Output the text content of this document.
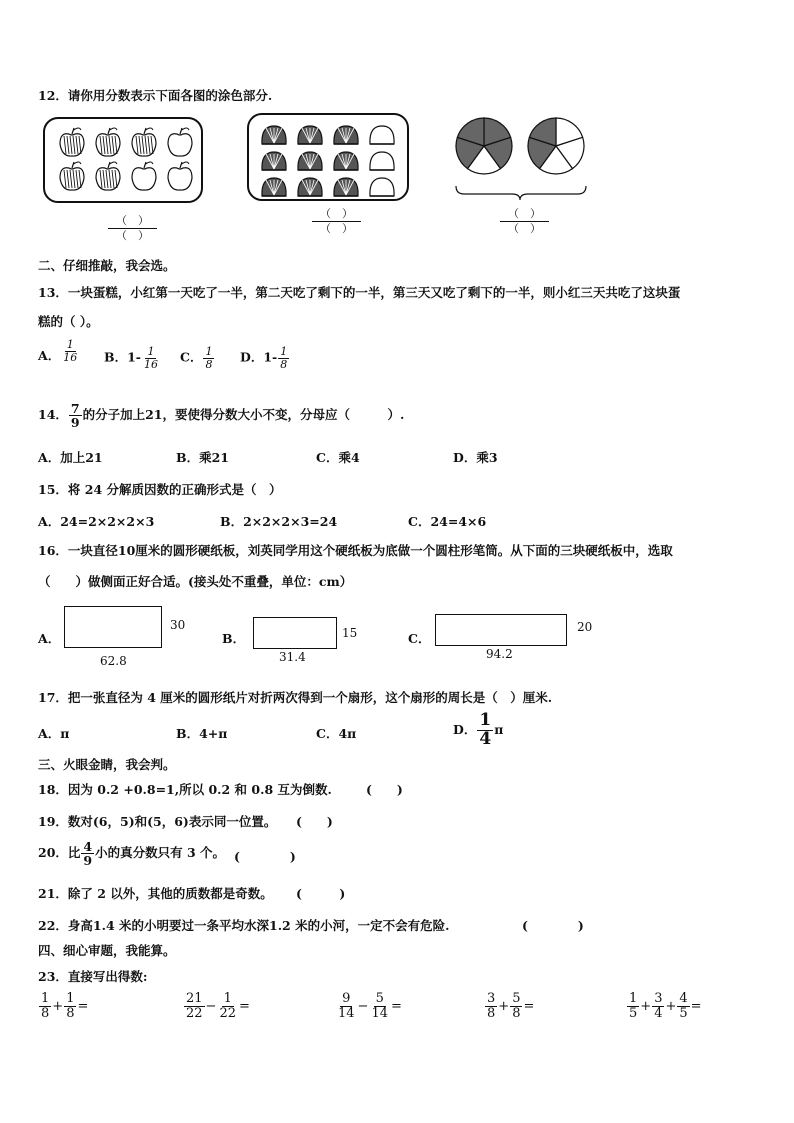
12．请你用分数表示下面各图的涂色部分.
（　）
（　）
（　）
（　）
（　）
（　）
二、仔细推敲，我会选。
13．一块蛋糕，小红第一天吃了一半，第二天吃了剩下的一半，第三天又吃了剩下的一半，则小红三天共吃了这块蛋
糕的（ ）。
A． $\frac{1}{16}$ B．$1- \frac{1}{16}$ C． $\frac{1}{8}$ D．$1- \frac{1}{8}$
14． $\frac{7}{9}$ 的分子加上21，要使得分数大小不变，分母应（　　　）.
A．加上21	B．乘21	C．乘4	D．乘3
15．将 24 分解质因数的正确形式是（　）
A．24=2×2×2×3	B．2×2×2×3=24	C．24=4×6
16．一块直径10厘米的圆形硬纸板，刘英同学用这个硬纸板为底做一个圆柱形笔筒。从下面的三块硬纸板中，选取
（　　）做侧面正好合适。(接头处不重叠，单位：cm）
A．
62.8
30
B．
31.4
15	C．
94.2
20
17．把一张直径为 4 厘米的圆形纸片对折两次得到一个扇形，这个扇形的周长是（　）厘米.
A．π	B．4+π	C．4π	D． $\frac{1}{4}$ π
三、火眼金睛，我会判。
18．因为 0.2 +0.8=1,所以 0.2 和 0.8 互为倒数.	(　　)
19．数对(6，5)和(5，6)表示同一位置。 (　　)
20．比 $\frac{4}{9}$ 小的真分数只有 3 个。 (　　　　)
21．除了 2 以外，其他的质数都是奇数。 (　　　)
22．身高1.4 米的小明要过一条平均水深1.2 米的小河，一定不会有危险.	(　　　　)
四、细心审题，我能算。
23．直接写出得数:
$\frac{1}{8} + \frac{1}{8}$ =	$\frac{21}{22} - \frac{1}{22}$ =	$\frac{9}{14} - \frac{5}{14}$ =	$\frac{3}{8} + \frac{5}{8}$ =	$\frac{1}{5} + \frac{3}{4} + \frac{4}{5}$ =
